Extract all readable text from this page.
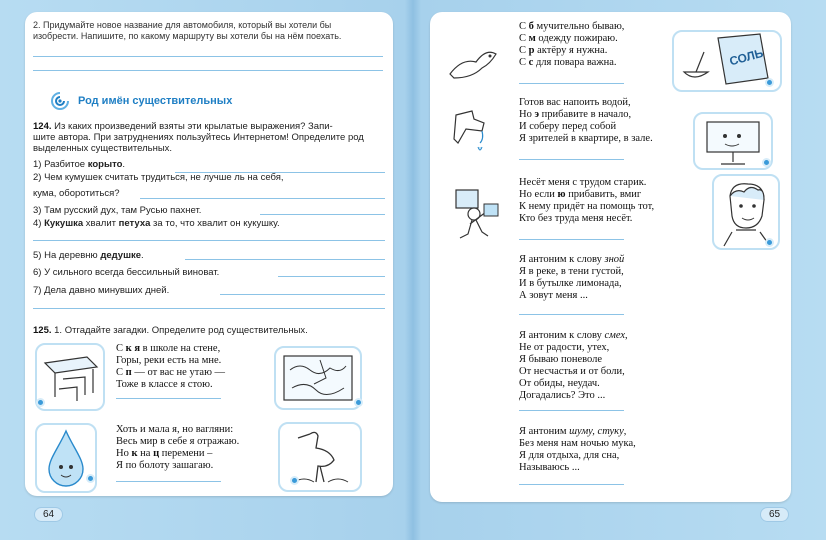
2. Придумайте новое название для автомобиля, который вы хотели бы
изобрести. Напишите, по какому маршруту вы хотели бы на нём поехать.
Род имён существительных
124. Из каких произведений взяты эти крылатые выражения? Запи-
шите автора. При затруднениях пользуйтесь Интернетом! Определите род
выделенных существительных.
1) Разбитое корыто.
2) Чем кумушек считать трудиться, не лучше ль на себя,
кума, оборотиться?
3) Там русский дух, там Русью пахнет.
4) Кукушка хвалит петуха за то, что хвалит он кукушку.
5) На деревню дедушке.
6) У сильного всегда бессильный виноват.
7) Дела давно минувших дней.
125. 1. Отгадайте загадки. Определите род существительных.
С к я в школе на стене,
Горы, реки есть на мне.
С п — от вас не утаю —
Тоже в классе я стою.
Хоть и мала я, но вагляни:
Весь мир в себе я отражаю.
Но к на ц перемени –
Я по болоту зашагаю.
64
С б мучительно бываю,
С м одежду пожираю.
С р актёру я нужна.
С с для повара важна.	СОЛЬ
Готов вас напоить водой,
Но э прибавите в начало,
И соберу перед собой
Я зрителей в квартире, в зале.
Несёт меня с трудом старик.
Но если ю прибавить, вмиг
К нему придёт на помощь тот,
Кто без труда меня несёт.
Я антоним к слову зной
Я в реке, в тени густой,
И в бутылке лимонада,
А зовут меня ...
Я антоним к слову смех,
Не от радости, утех,
Я бываю поневоле
От несчастья и от боли,
От обиды, неудач.
Догадались? Это ...
Я антоним шуму, стуку,
Без меня нам ночью мука,
Я для отдыха, для сна,
Называюсь ...
65
